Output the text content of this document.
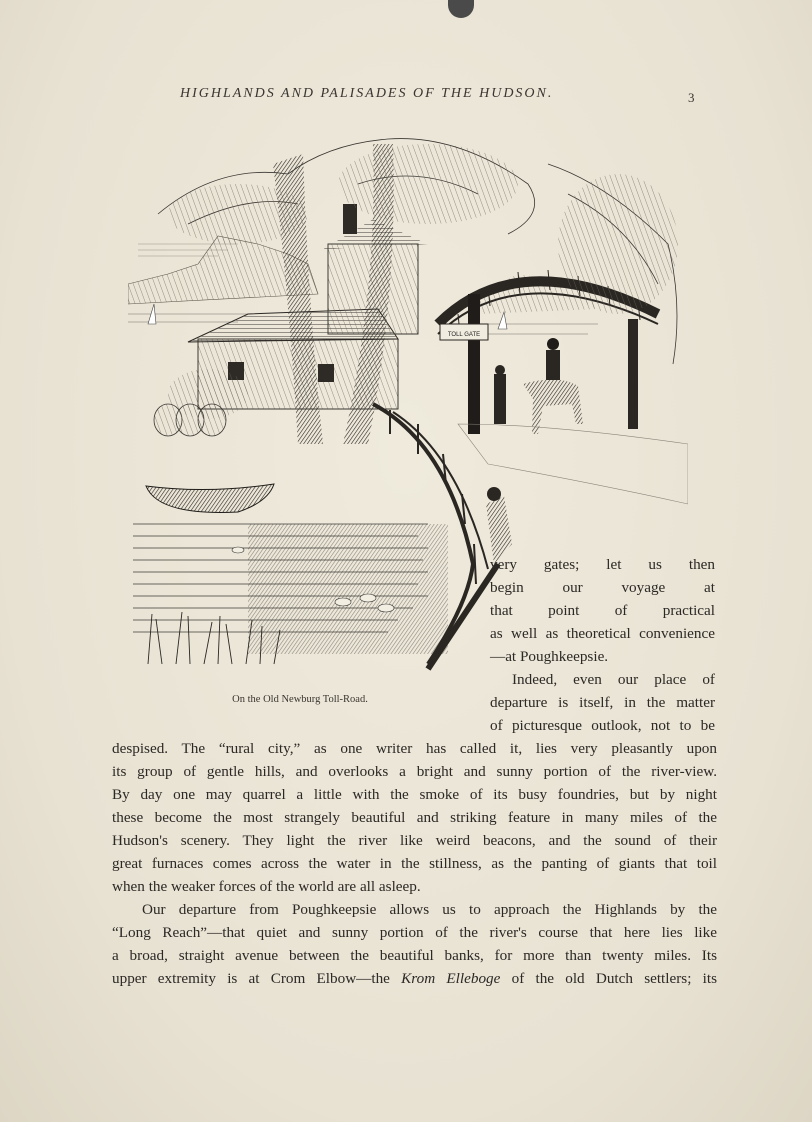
HIGHLANDS AND PALISADES OF THE HUDSON.	3
TOLL GATE
On the Old Newburg Toll-Road.
very gates; let us then
begin our voyage at
that point of practical
as well as theoretical convenience
—at Poughkeepsie.
Indeed, even our place of
departure is itself, in the matter
of picturesque outlook, not to be
despised. The “rural city,” as one writer has called it, lies very pleasantly upon
its group of gentle hills, and overlooks a bright and sunny portion of the river-view.
By day one may quarrel a little with the smoke of its busy foundries, but by night
these become the most strangely beautiful and striking feature in many miles of the
Hudson's scenery. They light the river like weird beacons, and the sound of their
great furnaces comes across the water in the stillness, as the panting of giants that toil
when the weaker forces of the world are all asleep.
Our departure from Poughkeepsie allows us to approach the Highlands by the
“Long Reach”—that quiet and sunny portion of the river's course that here lies like
a broad, straight avenue between the beautiful banks, for more than twenty miles. Its
upper extremity is at Crom Elbow—the Krom Elleboge of the old Dutch settlers; its
